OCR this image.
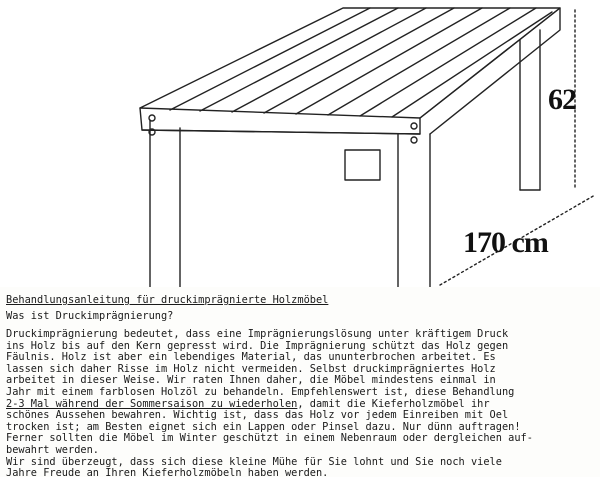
62
170 cm
Behandlungsanleitung für druckimprägnierte Holzmöbel
Was ist Druckimprägnierung?
Druckimprägnierung bedeutet, dass eine Imprägnierungslösung unter kräftigem Druck
ins Holz bis auf den Kern gepresst wird. Die Imprägnierung schützt das Holz gegen
Fäulnis. Holz ist aber ein lebendiges Material, das ununterbrochen arbeitet. Es
lassen sich daher Risse im Holz nicht vermeiden. Selbst druckimprägniertes Holz
arbeitet in dieser Weise. Wir raten Ihnen daher, die Möbel mindestens einmal in
Jahr mit einem farblosen Holzöl zu behandeln. Empfehlenswert ist, diese Behandlung
2-3 Mal während der Sommersaison zu wiederholen, damit die Kieferholzmöbel ihr
schönes Aussehen bewahren. Wichtig ist, dass das Holz vor jedem Einreiben mit Oel
trocken ist; am Besten eignet sich ein Lappen oder Pinsel dazu. Nur dünn auftragen!
Ferner sollten die Möbel im Winter geschützt in einem Nebenraum oder dergleichen auf-
bewahrt werden.
Wir sind überzeugt, dass sich diese kleine Mühe für Sie lohnt und Sie noch viele
Jahre Freude an Ihren Kieferholzmöbeln haben werden.
